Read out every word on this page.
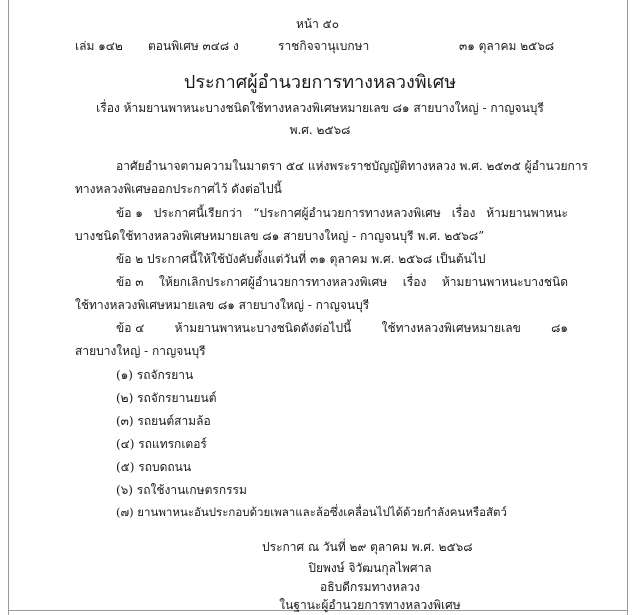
หน้า ๕๐
เล่ม ๑๔๒ ตอนพิเศษ ๓๔๘ ง	ราชกิจจานุเบกษา	๓๑ ตุลาคม ๒๕๖๘
ประกาศผู้อำนวยการทางหลวงพิเศษ
เรื่อง ห้ามยานพาหนะบางชนิดใช้ทางหลวงพิเศษหมายเลข ๘๑ สายบางใหญ่ - กาญจนบุรี
พ.ศ. ๒๕๖๘
อาศัยอำนาจตามความในมาตรา ๕๔ แห่งพระราชบัญญัติทางหลวง พ.ศ. ๒๕๓๕ ผู้อำนวยการ
ทางหลวงพิเศษออกประกาศไว้ ดังต่อไปนี้
ข้อ ๑ ประกาศนี้เรียกว่า “ประกาศผู้อำนวยการทางหลวงพิเศษ เรื่อง ห้ามยานพาหนะ
บางชนิดใช้ทางหลวงพิเศษหมายเลข ๘๑ สายบางใหญ่ - กาญจนบุรี พ.ศ. ๒๕๖๘”
ข้อ ๒ ประกาศนี้ให้ใช้บังคับตั้งแต่วันที่ ๓๑ ตุลาคม พ.ศ. ๒๕๖๘ เป็นต้นไป
ข้อ ๓ ให้ยกเลิกประกาศผู้อำนวยการทางหลวงพิเศษ เรื่อง ห้ามยานพาหนะบางชนิด
ใช้ทางหลวงพิเศษหมายเลข ๘๑ สายบางใหญ่ - กาญจนบุรี
ข้อ ๔	ห้ามยานพาหนะบางชนิดดังต่อไปนี้	ใช้ทางหลวงพิเศษหมายเลข	๘๑
สายบางใหญ่ - กาญจนบุรี
(๑) รถจักรยาน
(๒) รถจักรยานยนต์
(๓) รถยนต์สามล้อ
(๔) รถแทรกเตอร์
(๕) รถบดถนน
(๖) รถใช้งานเกษตรกรรม
(๗) ยานพาหนะอันประกอบด้วยเพลาและล้อซึ่งเคลื่อนไปได้ด้วยกำลังคนหรือสัตว์
ประกาศ ณ วันที่ ๒๙ ตุลาคม พ.ศ. ๒๕๖๘
ปิยพงษ์ จิวัฒนกุลไพศาล
อธิบดีกรมทางหลวง
ในฐานะผู้อำนวยการทางหลวงพิเศษ
